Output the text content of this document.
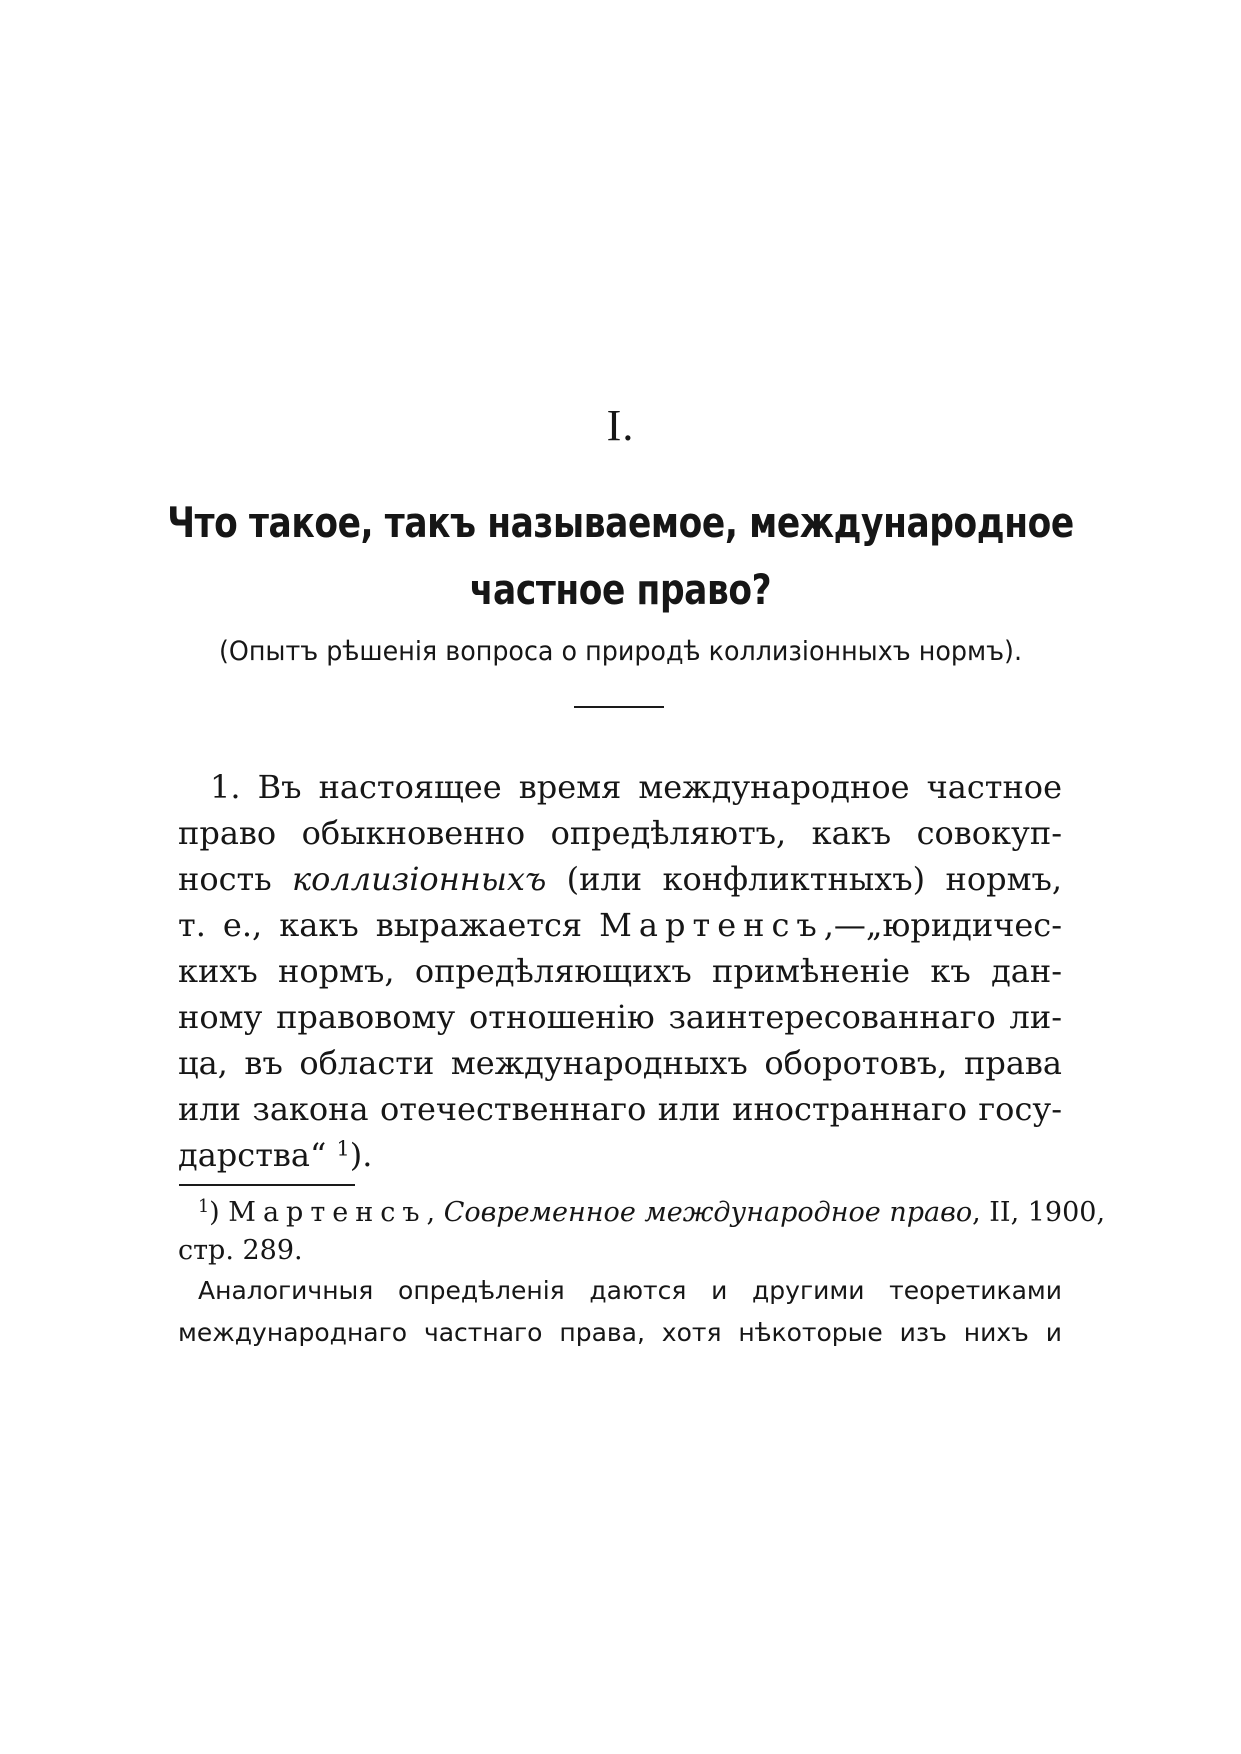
I.
Что такое, такъ называемое, международное
частное право?
(Опытъ рѣшенія вопроса о природѣ коллизіонныхъ нормъ).
1. Въ настоящее время международное частное
право обыкновенно опредѣляютъ, какъ совокуп-
ность коллизіонныхъ (или конфликтныхъ) нормъ,
т. е., какъ выражается Мартенсъ,—„юридичес-
кихъ нормъ, опредѣляющихъ примѣненіе къ дан-
ному правовому отношенію заинтересованнаго ли-
ца, въ области международныхъ оборотовъ, права
или закона отечественнаго или иностраннаго госу-
дарства“ $^1$).
$^1$) Мартенсъ, Современное международное право, II, 1900,
стр. 289.
Аналогичныя опредѣленія даются и другими теоретиками
международнаго частнаго права, хотя нѣкоторые изъ нихъ и
